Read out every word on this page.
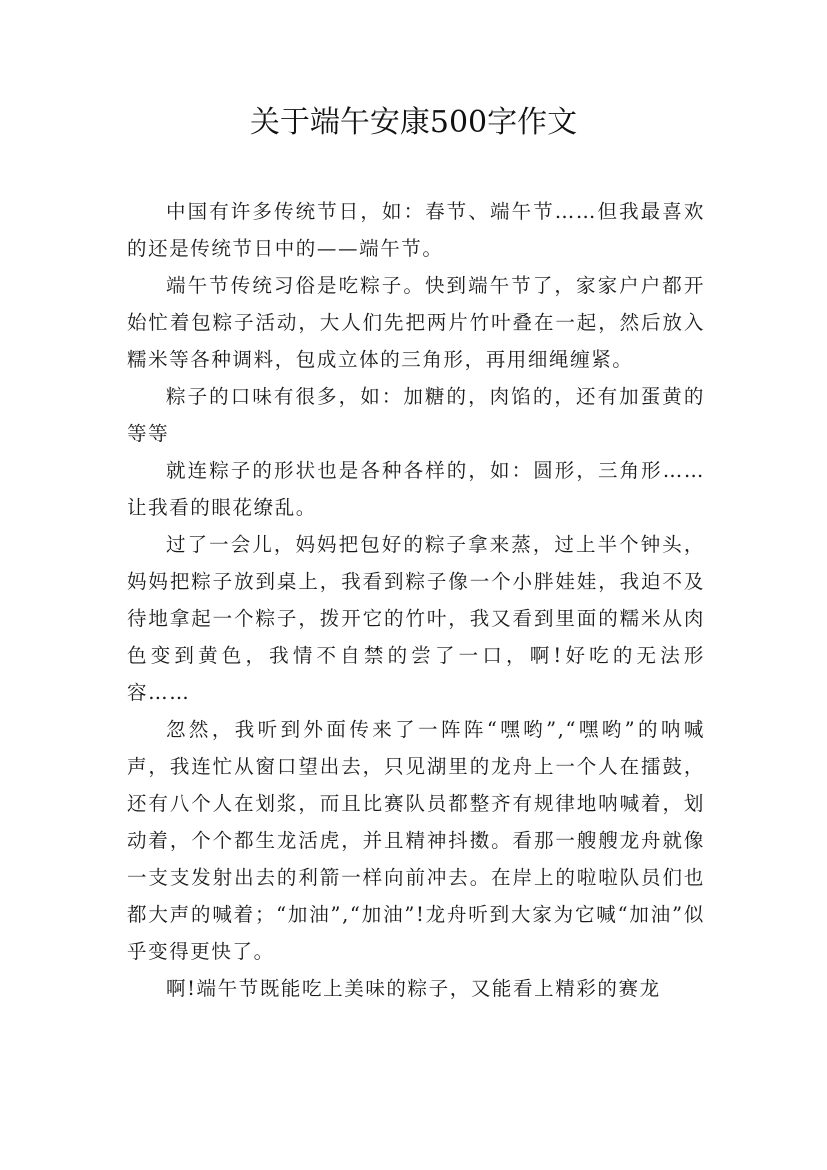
关于端午安康500字作文

中国有许多传统节日，如：春节、端午节……但我最喜欢的还是传统节日中的——端午节。

端午节传统习俗是吃粽子。快到端午节了，家家户户都开始忙着包粽子活动，大人们先把两片竹叶叠在一起，然后放入糯米等各种调料，包成立体的三角形，再用细绳缠紧。

粽子的口味有很多，如：加糖的，肉馅的，还有加蛋黄的等等

就连粽子的形状也是各种各样的，如：圆形，三角形……让我看的眼花缭乱。

过了一会儿，妈妈把包好的粽子拿来蒸，过上半个钟头，妈妈把粽子放到桌上，我看到粽子像一个小胖娃娃，我迫不及待地拿起一个粽子，拨开它的竹叶，我又看到里面的糯米从肉色变到黄色，我情不自禁的尝了一口，啊!好吃的无法形容……

忽然，我听到外面传来了一阵阵“嘿哟”,“嘿哟”的呐喊声，我连忙从窗口望出去，只见湖里的龙舟上一个人在擂鼓，还有八个人在划浆，而且比赛队员都整齐有规律地呐喊着，划动着，个个都生龙活虎，并且精神抖擞。看那一艘艘龙舟就像一支支发射出去的利箭一样向前冲去。在岸上的啦啦队员们也都大声的喊着；“加油”,“加油”!龙舟听到大家为它喊“加油”似乎变得更快了。

啊!端午节既能吃上美味的粽子，又能看上精彩的赛龙
